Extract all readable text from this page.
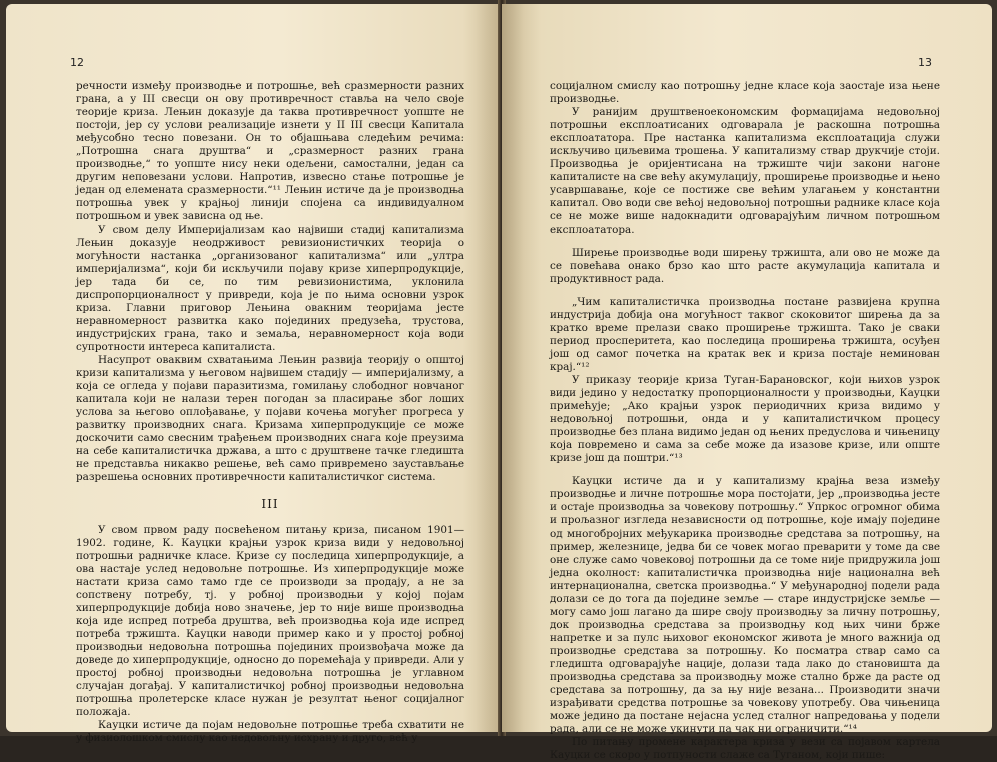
12

речности између производње и потрошње, већ сразмерности разних грана, а у III свесци он ову противречност ставља на чело своје теорије криза. Лењин доказује да таква противречност уопште не постоји, јер су услови реализације изнети у II III свесци Капитала међусобно тесно повезани. Он то објашњава следећим речима: „Потрошна снага друштва“ и „сразмерност разних грана производње,“ то уопште нису неки одељени, самостални, један са другим неповезани услови. Напротив, извесно стање потрошње је један од елемената сразмерности.“¹¹ Лењин истиче да је производња потрошња увек у крајњој линији спојена са индивидуалном потрошњом и увек зависна од ње.

У свом делу Империјализам као највиши стадиј капитализма Лењин доказује неодрживост ревизионистичких теорија о могућности настанка „организованог капитализма“ или „ултра империјализма“, који би искључили појаву кризе хиперпродукције, јер тада би се, по тим ревизионистима, уклонила диспропорционалност у привреди, која је по њима основни узрок криза. Главни приговор Лењина овакним теоријама јесте неравномерност развитка како појединих предузећа, трустова, индустријских грана, тако и земаља, неравномерност која води супротности интереса капиталиста.

Насупрот оваквим схватањима Лењин развија теорију о општој кризи капитализма у његовом највишем стадију — империјализму, а која се огледа у појави паразитизма, гомилању слободног новчаног капитала који не налази терен погодан за пласирање због лоших услова за његово оплођавање, у појави кочења могућег прогреса у развитку производних снага. Кризама хиперпродукције се може доскочити само свесним трађењем производних снага које преузима на себе капиталистичка држава, а што с друштвене тачке гледишта не представља никакво решење, већ само привремено заустављање разрешења основних противречности капиталистичког система.

III

У свом првом раду посвећеном питању криза, писаном 1901—1902. године, К. Кауцки крајњи узрок криза види у недовољној потрошњи радничке класе. Кризе су последица хиперпродукције, а ова настаје услед недовољне потрошње. Из хиперпродукције може настати криза само тамо где се производи за продају, а не за сопствену потребу, тј. у робној производњи у којој појам хиперпродукције добија ново значење, јер то није више производња која иде испред потреба друштва, већ производња која иде испред потреба тржишта. Кауцки наводи пример како и у простој робној производњи недовољна потрошња појединих произвођача може да доведе до хиперпродукције, односно до поремећаја у привреди. Али у простој робној производњи недовољна потрошња је углавном случајан догађај. У капиталистичкој робној производњи недовољна потрошња пролетерске класе нужан је резултат њеног социјалног положаја.

Кауцки истиче да појам недовољне потрошње треба схватити не у физиолошком смислу као недовољну исхрану и друго, већ у

13

социјалном смислу као потрошњу једне класе која заостаје иза њене производње.

У ранијим друштвеноекономским формацијама недовољној потрошњи експлоатисаних одговарала је раскошна потрошња експлоататора. Пре настанка капитализма експлоатација служи искључиво циљевима трошења. У капитализму ствар друкчије стоји. Производња је оријентисана на тржиште чији закони нагоне капиталисте на све већу акумулацију, проширење производње и њено усавршавање, које се постиже све већим улагањем у константни капитал. Ово води све већој недовољној потрошњи раднике класе која се не може више надокнадити одговарајућим личном потрошњом експлоататора.

Ширење производње води ширењу тржишта, али ово не може да се повећава онако брзо као што расте акумулација капитала и продуктивност рада.

„Чим капиталистичка производња постане развијена крупна индустрија добија она могућност таквог скоковитог ширења да за кратко време прелази свако проширење тржишта. Тако је сваки период просперитета, као последица проширења тржишта, осуђен још од самог почетка на кратак век и криза постаје неминован крај.“¹²

У приказу теорије криза Туган-Барановског, који њихов узрок види једино у недостатку пропорционалности у производњи, Кауцки примећује; „Ако крајњи узрок периодичних криза видимо у недовољној потрошњи, онда и у капиталистичком процесу производње без плана видимо један од њених предуслова и чињеницу која повремено и сама за себе може да изазове кризе, или опште кризе још да поштри.“¹³

Кауцки истиче да и у капитализму крајња веза између производње и личне потрошње мора постојати, јер „производња јесте и остаје производња за човекову потрошњу.“ Упркос огромног обима и прољазног изгледа независности од потрошње, које имају поједине од многобројних међукарика производње средстава за потрошњу, на пример, железнице, једва би се човек могао преварити у томе да све оне служе само човековој потрошњи да се томе није придружила још једна околност: капиталистичка производња није национална већ интернационална, светска производња.“ У међународној подели рада долази се до тога да поједине земље — старе индустријске земље — могу само још лагано да шире своју производњу за личну потрошњу, док производња средстава за производњу код њих чини брже напретке и за пулс њиховог економског живота је много важнија од производње средстава за потрошњу. Ко посматра ствар само са гледишта одговарајуће нације, долази тада лако до становишта да производња средстава за производњу може стално брже да расте од средстава за потрошњу, да за њу није везана... Производити значи израђивати средства потрошње за човекову употребу. Ова чињеница може једино да постане нејасна услед сталног напредовања у подели рада, али се не може укинути па чак ни ограничити.“¹⁴

По питању промене карактера криза у вези са појавом картела Кауцки се скоро у потпуности слаже са Туганом, који пише:
